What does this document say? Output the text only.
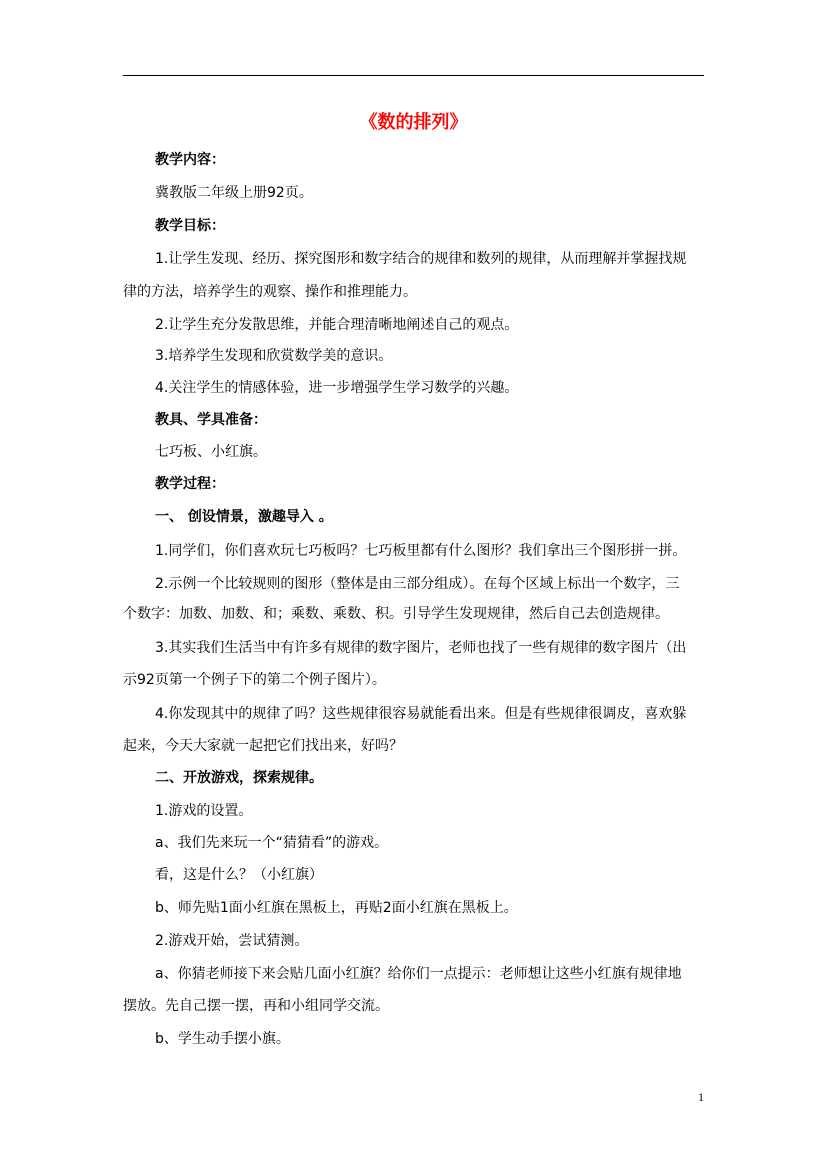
《数的排列》
教学内容：
冀教版二年级上册92页。
教学目标：
1.让学生发现、经历、探究图形和数字结合的规律和数列的规律，从而理解并掌握找规
律的方法，培养学生的观察、操作和推理能力。
2.让学生充分发散思维，并能合理清晰地阐述自己的观点。
3.培养学生发现和欣赏数学美的意识。
4.关注学生的情感体验，进一步增强学生学习数学的兴趣。
教具、学具准备：
七巧板、小红旗。
教学过程：
一、 创设情景，激趣导入 。
1.同学们，你们喜欢玩七巧板吗？七巧板里都有什么图形？我们拿出三个图形拼一拼。
2.示例一个比较规则的图形（整体是由三部分组成）。在每个区域上标出一个数字，三
个数字：加数、加数、和；乘数、乘数、积。引导学生发现规律，然后自己去创造规律。
3.其实我们生活当中有许多有规律的数字图片，老师也找了一些有规律的数字图片（出
示92页第一个例子下的第二个例子图片）。
4.你发现其中的规律了吗？这些规律很容易就能看出来。但是有些规律很调皮，喜欢躲
起来，今天大家就一起把它们找出来，好吗？
二、开放游戏，探索规律。
1.游戏的设置。
a、我们先来玩一个“猜猜看”的游戏。
看，这是什么？（小红旗）
b、师先贴1面小红旗在黑板上，再贴2面小红旗在黑板上。
2.游戏开始，尝试猜测。
a、你猜老师接下来会贴几面小红旗？给你们一点提示：老师想让这些小红旗有规律地
摆放。先自己摆一摆，再和小组同学交流。
b、学生动手摆小旗。
1
